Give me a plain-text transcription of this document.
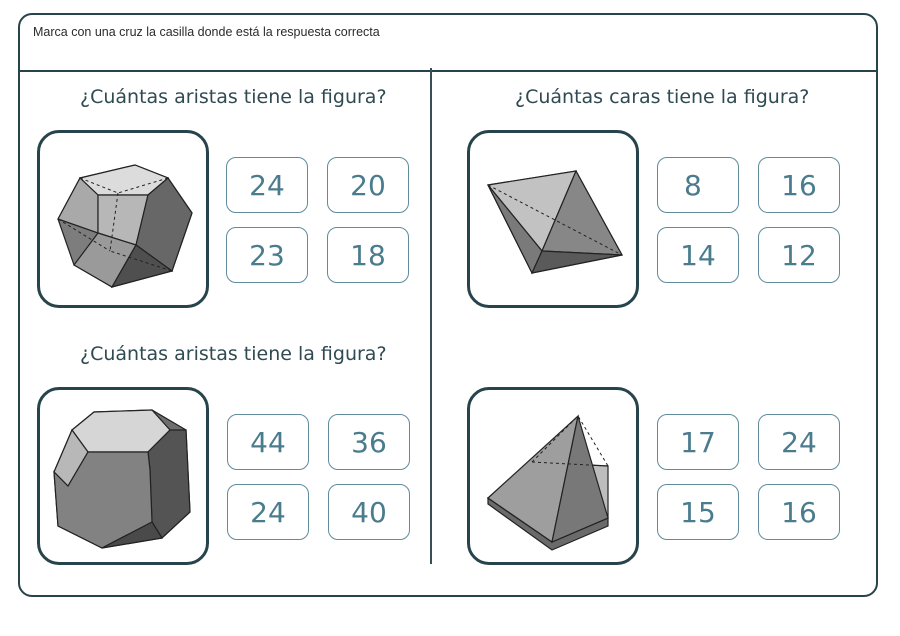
Marca con una cruz la casilla donde está la respuesta correcta
¿Cuántas aristas tiene la figura?
24	20
23	18
¿Cuántas caras tiene la figura?
8	16
14	12
¿Cuántas aristas tiene la figura?
44	36
24	40
17	24
15	16
